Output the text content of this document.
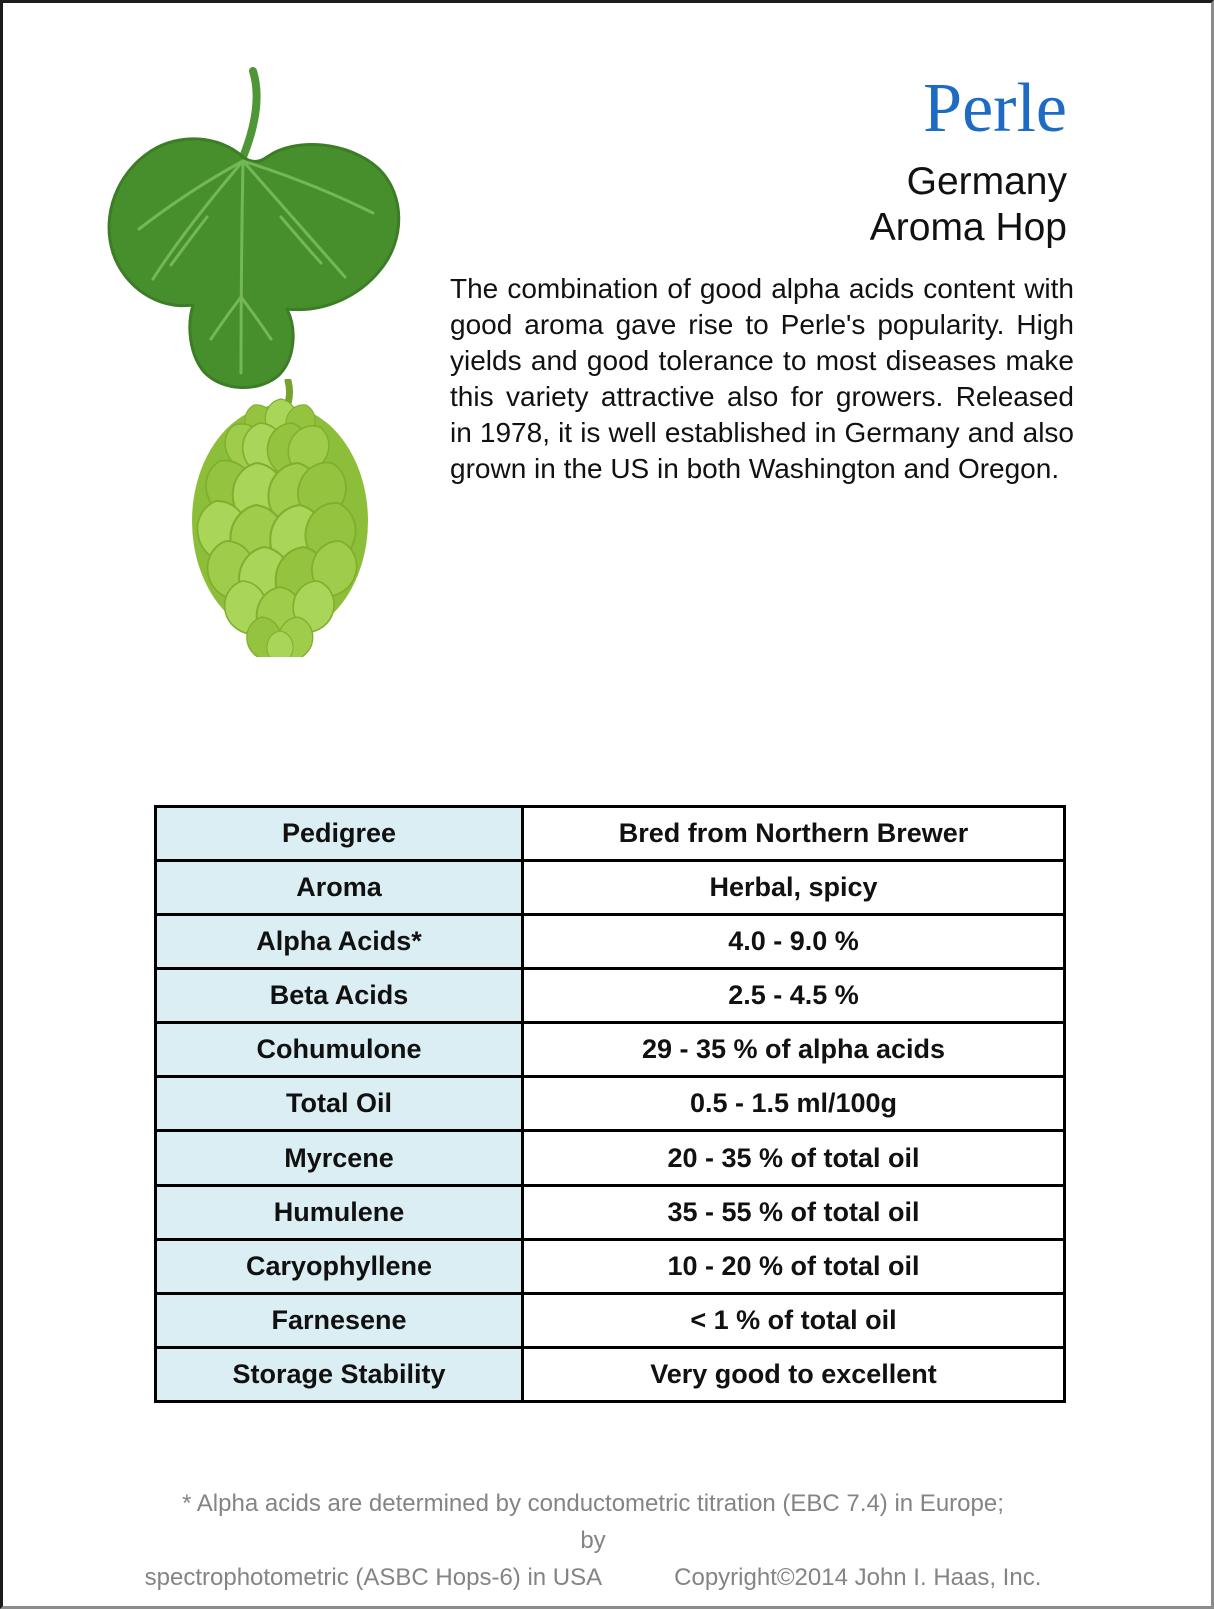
Perle
Germany
Aroma Hop

The combination of good alpha acids content with good aroma gave rise to Perle's popularity. High yields and good tolerance to most diseases make this variety attractive also for growers. Released in 1978, it is well established in Germany and also grown in the US in both Washington and Oregon.

Pedigree	Bred from Northern Brewer
Aroma	Herbal, spicy
Alpha Acids*	4.0 - 9.0 %
Beta Acids	2.5 - 4.5 %
Cohumulone	29 - 35 % of alpha acids
Total Oil	0.5 - 1.5 ml/100g
Myrcene	20 - 35 % of total oil
Humulene	35 - 55 % of total oil
Caryophyllene	10 - 20 % of total oil
Farnesene	< 1 % of total oil
Storage Stability	Very good to excellent
* Alpha acids are determined by conductometric titration (EBC 7.4) in Europe; by
spectrophotometric (ASBC Hops-6) in USA	Copyright©2014 John I. Haas, Inc.
